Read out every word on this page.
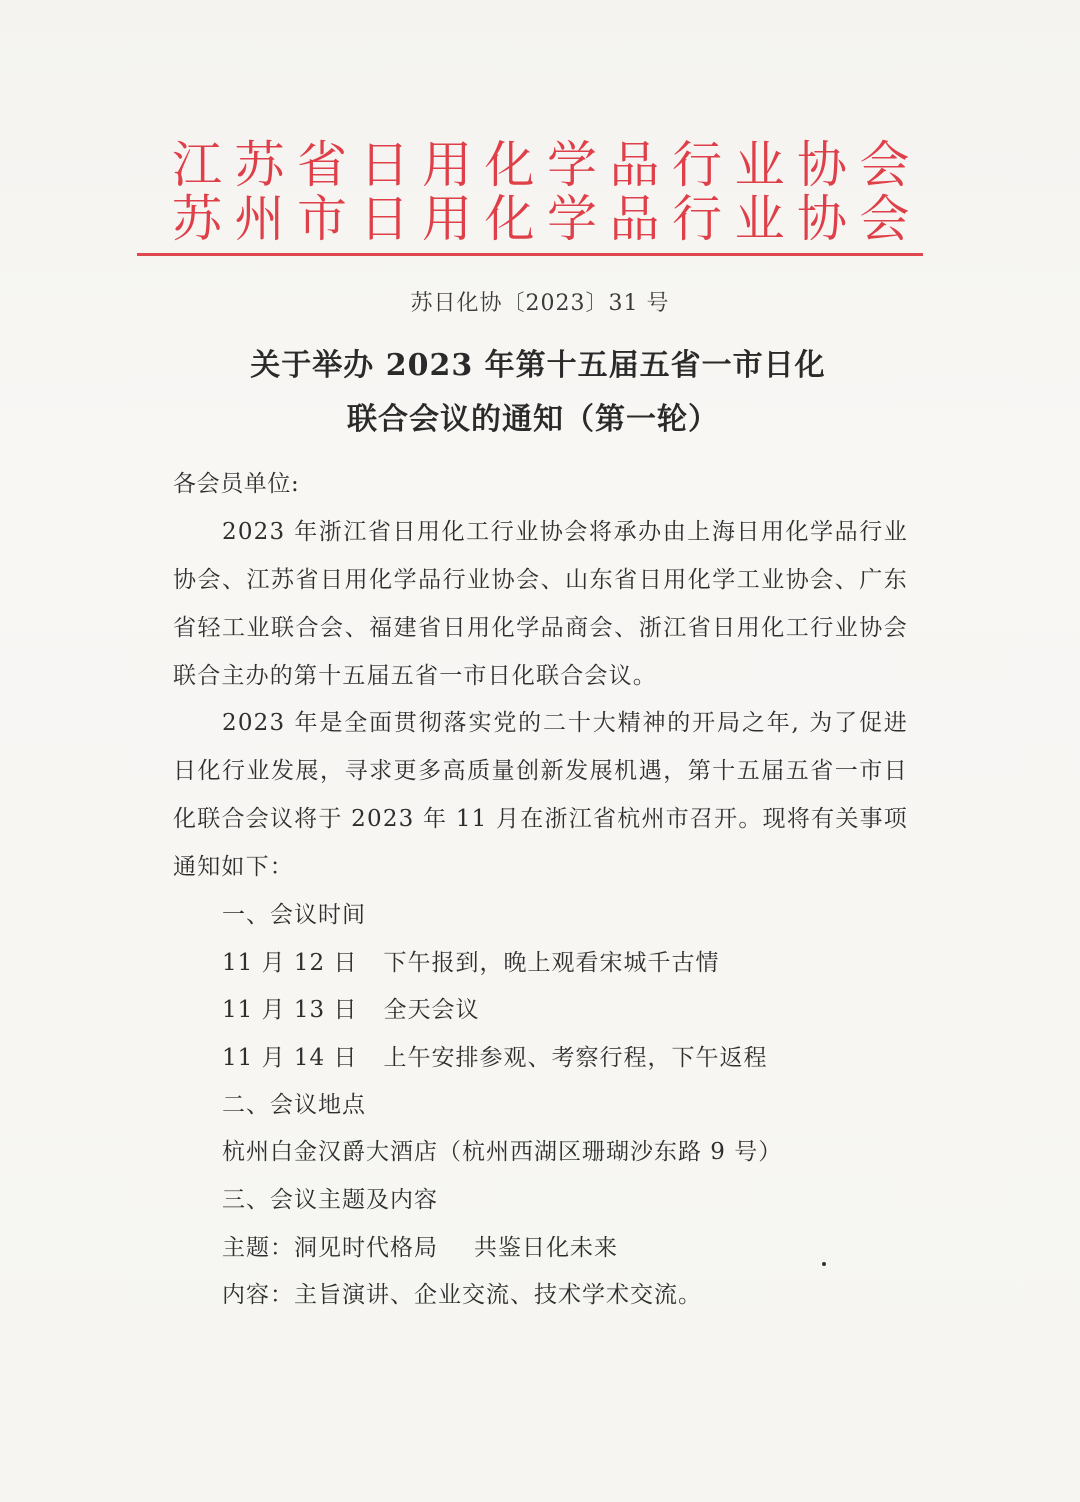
江苏省日用化学品行业协会
苏州市日用化学品行业协会
苏日化协〔2023〕31 号
关于举办 2023 年第十五届五省一市日化
联合会议的通知（第一轮）
各会员单位:
2023 年浙江省日用化工行业协会将承办由上海日用化学品行业协会、江苏省日用化学品行业协会、山东省日用化学工业协会、广东省轻工业联合会、福建省日用化学品商会、浙江省日用化工行业协会联合主办的第十五届五省一市日化联合会议。
2023 年是全面贯彻落实党的二十大精神的开局之年, 为了促进日化行业发展，寻求更多高质量创新发展机遇，第十五届五省一市日化联合会议将于 2023 年 11 月在浙江省杭州市召开。现将有关事项通知如下：
一、会议时间
11 月 12 日 下午报到，晚上观看宋城千古情
11 月 13 日 全天会议
11 月 14 日 上午安排参观、考察行程，下午返程
二、会议地点
杭州白金汉爵大酒店（杭州西湖区珊瑚沙东路 9 号）
三、会议主题及内容
主题：洞见时代格局 共鉴日化未来
内容：主旨演讲、企业交流、技术学术交流。
